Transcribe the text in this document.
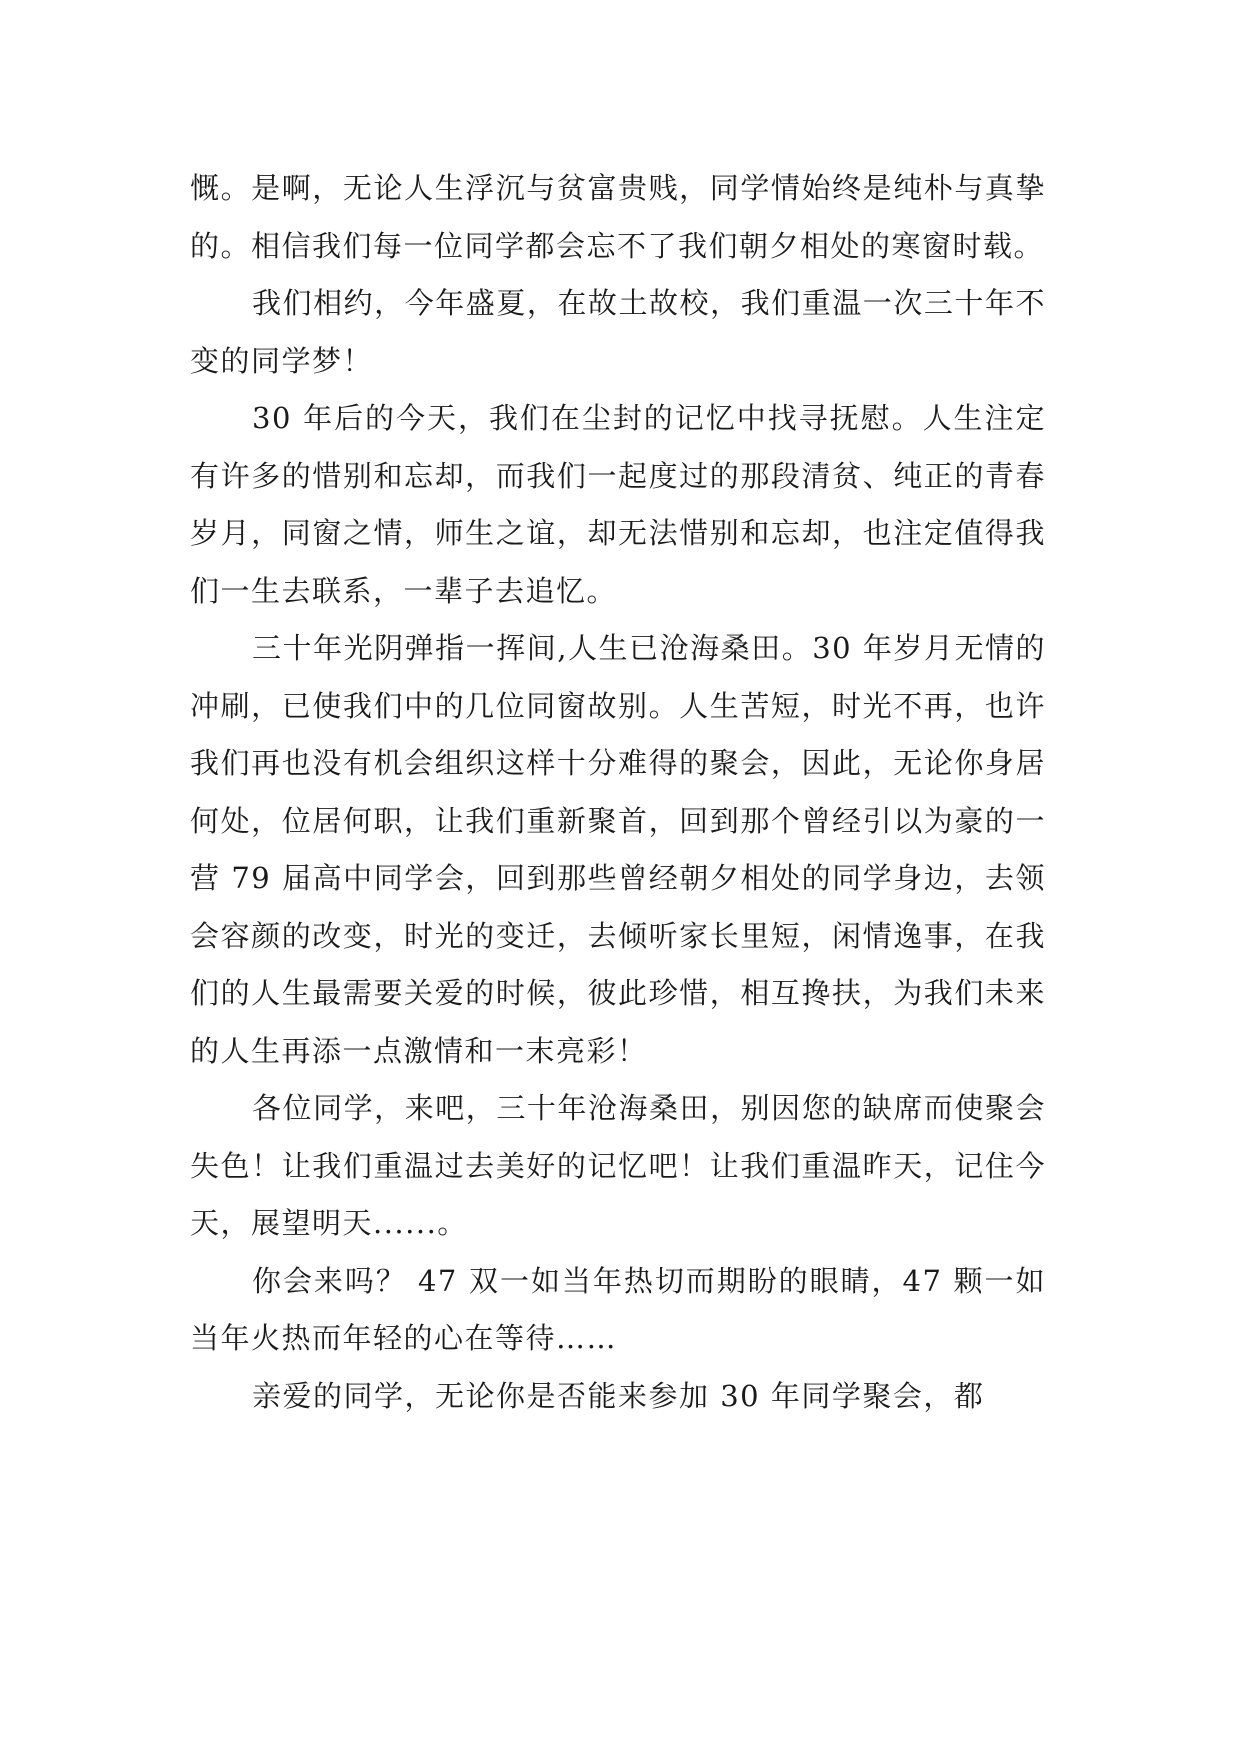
慨。是啊，无论人生浮沉与贫富贵贱，同学情始终是纯朴与真挚的。相信我们每一位同学都会忘不了我们朝夕相处的寒窗时载。

我们相约，今年盛夏，在故土故校，我们重温一次三十年不变的同学梦！

30 年后的今天，我们在尘封的记忆中找寻抚慰。人生注定有许多的惜别和忘却，而我们一起度过的那段清贫、纯正的青春岁月，同窗之情，师生之谊，却无法惜别和忘却，也注定值得我们一生去联系，一辈子去追忆。

三十年光阴弹指一挥间,人生已沧海桑田。30 年岁月无情的冲刷，已使我们中的几位同窗故别。人生苦短，时光不再，也许我们再也没有机会组织这样十分难得的聚会，因此，无论你身居何处，位居何职，让我们重新聚首，回到那个曾经引以为豪的一营 79 届高中同学会，回到那些曾经朝夕相处的同学身边，去领会容颜的改变，时光的变迁，去倾听家长里短，闲情逸事，在我们的人生最需要关爱的时候，彼此珍惜，相互搀扶，为我们未来的人生再添一点激情和一末亮彩！

各位同学，来吧，三十年沧海桑田，别因您的缺席而使聚会失色！让我们重温过去美好的记忆吧！让我们重温昨天，记住今天，展望明天......。

你会来吗？ 47 双一如当年热切而期盼的眼睛，47 颗一如当年火热而年轻的心在等待……

亲爱的同学，无论你是否能来参加 30 年同学聚会，都
